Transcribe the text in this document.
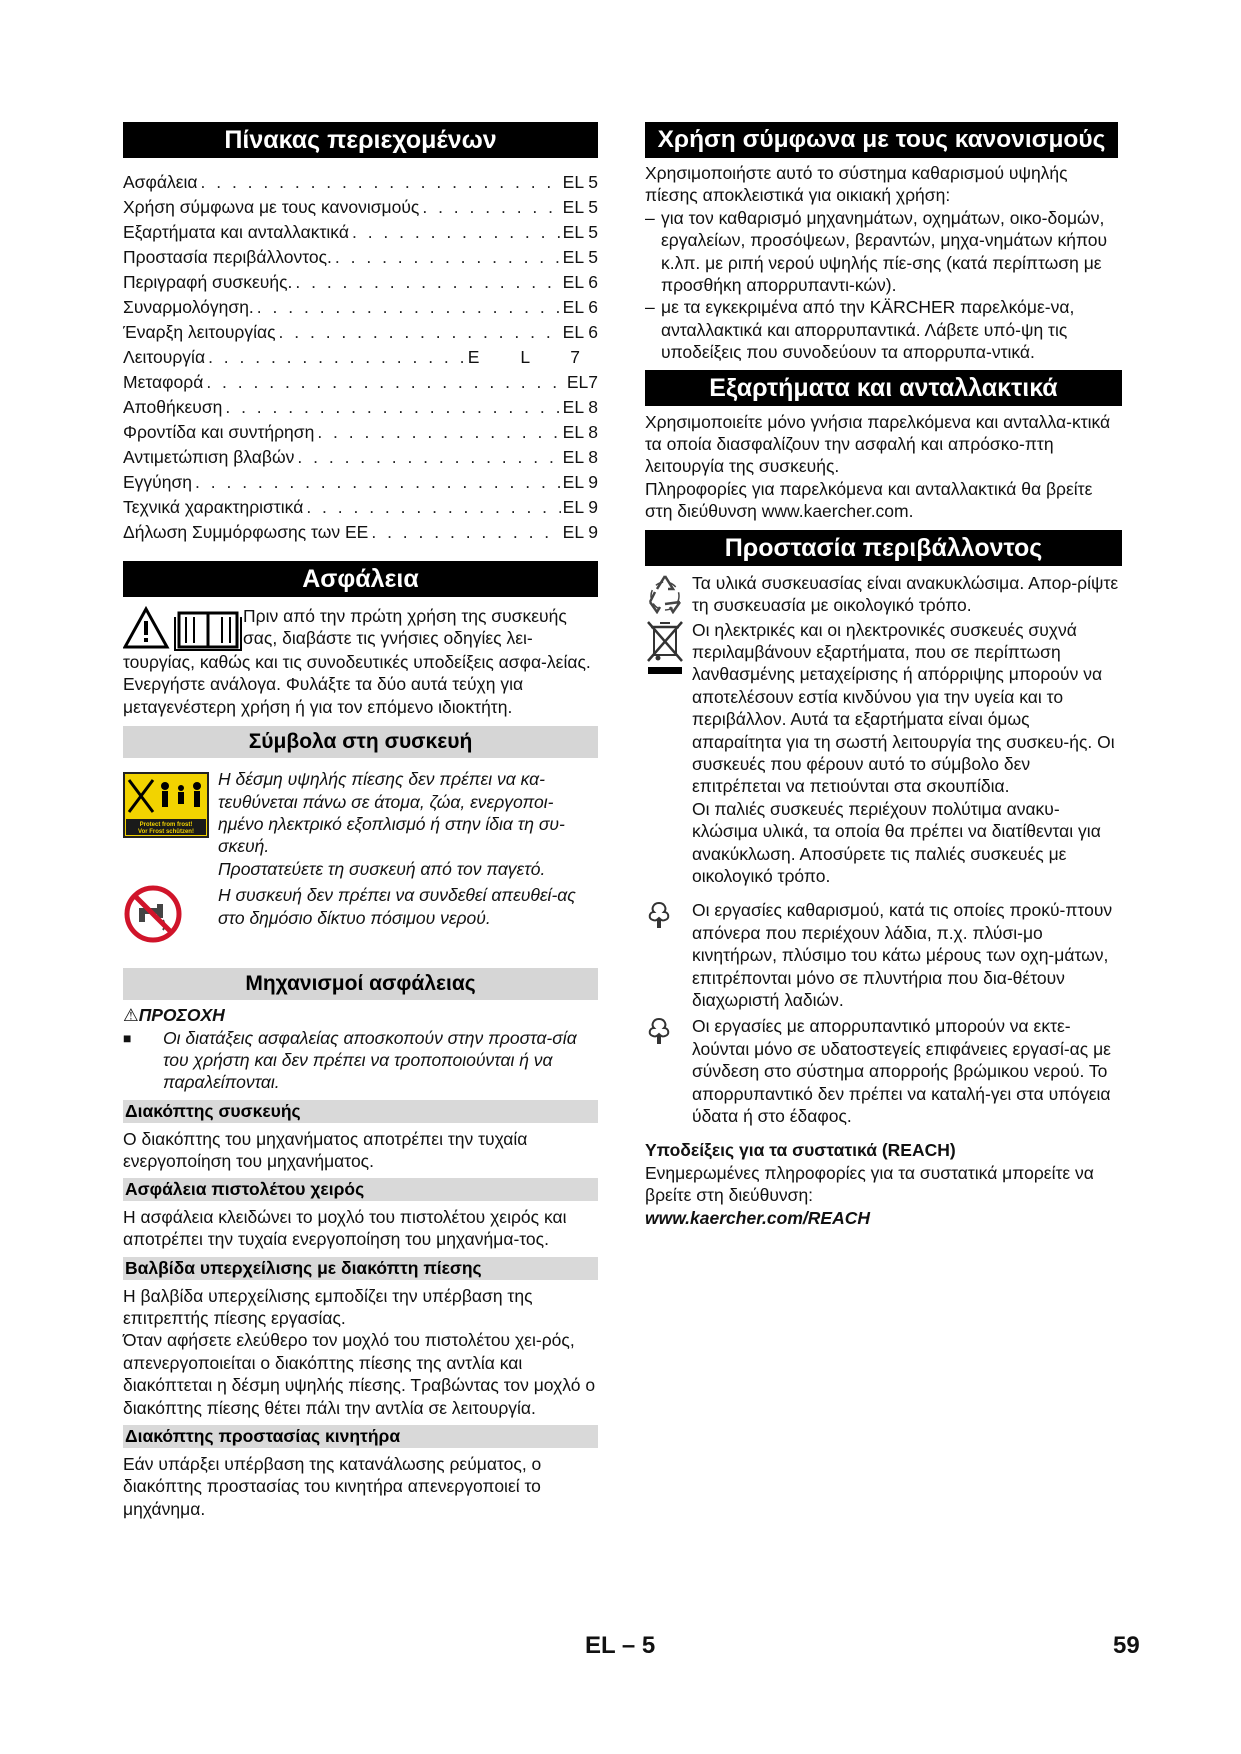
Πίνακας περιεχομένων
Ασφάλεια . . .	EL 5
Χρήση σύμφωνα με τους κανονισμούς . . .	EL 5
Εξαρτήματα και ανταλλακτικά . . .	EL 5
Προστασία περιβάλλοντος. . . .	EL 5
Περιγραφή συσκευής. . . .	EL 6
Συναρμολόγηση. . . .	EL 6
Έναρξη λειτουργίας . . .	EL 6
Λειτουργία . . .	E L 7
Μεταφορά . . .	EL7
Αποθήκευση . . .	EL 8
Φροντίδα και συντήρηση . . .	EL 8
Αντιμετώπιση βλαβών . . .	EL 8
Εγγύηση . . .	EL 9
Τεχνικά χαρακτηριστικά . . .	EL 9
Δήλωση Συμμόρφωσης των ΕΕ . . .	EL 9
Ασφάλεια

Πριν από την πρώτη χρήση της συσκευής

σας, διαβάστε τις γνήσιες οδηγίες λει-

τουργίας, καθώς και τις συνοδευτικές υποδείξεις ασφα-λείας. Ενεργήστε ανάλογα. Φυλάξτε τα δύο αυτά τεύχη για μεταγενέστερη χρήση ή για τον επόμενο ιδιοκτήτη.

Σύμβολα στη συσκευή
Protect from frost!
Vor Frost schützen!

Η δέσμη υψηλής πίεσης δεν πρέπει να κα-τευθύνεται πάνω σε άτομα, ζώα, ενεργοποι-ημένο ηλεκτρικό εξοπλισμό ή στην ίδια τη συ-σκευή.

Προστατεύετε τη συσκευή από τον παγετό.

Η συσκευή δεν πρέπει να συνδεθεί απευθεί-ας στο δημόσιο δίκτυο πόσιμου νερού.

Μηχανισμοί ασφάλειας

⚠ΠΡΟΣΟΧΗ

■	Οι διατάξεις ασφαλείας αποσκοπούν στην προστα-σία του χρήστη και δεν πρέπει να τροποποιούνται ή να παραλείπονται.

Διακόπτης συσκευής

Ο διακόπτης του μηχανήματος αποτρέπει την τυχαία ενεργοποίηση του μηχανήματος.

Ασφάλεια πιστολέτου χειρός

Η ασφάλεια κλειδώνει το μοχλό του πιστολέτου χειρός και αποτρέπει την τυχαία ενεργοποίηση του μηχανήμα-τος.

Βαλβίδα υπερχείλισης με διακόπτη πίεσης

Η βαλβίδα υπερχείλισης εμποδίζει την υπέρβαση της επιτρεπτής πίεσης εργασίας.

Όταν αφήσετε ελεύθερο τον μοχλό του πιστολέτου χει-ρός, απενεργοποιείται ο διακόπτης πίεσης της αντλία και διακόπτεται η δέσμη υψηλής πίεσης. Τραβώντας τον μοχλό ο διακόπτης πίεσης θέτει πάλι την αντλία σε λειτουργία.

Διακόπτης προστασίας κινητήρα

Εάν υπάρξει υπέρβαση της κατανάλωσης ρεύματος, ο διακόπτης προστασίας του κινητήρα απενεργοποιεί το μηχάνημα.

Χρήση σύμφωνα με τους κανονισμούς

Χρησιμοποιήστε αυτό το σύστημα καθαρισμού υψηλής πίεσης αποκλειστικά για οικιακή χρήση:

– για τον καθαρισμό μηχανημάτων, οχημάτων, οικο-δομών, εργαλείων, προσόψεων, βεραντών, μηχα-νημάτων κήπου κ.λπ. με ριπή νερού υψηλής πίε-σης (κατά περίπτωση με προσθήκη απορρυπαντι-κών).
– με τα εγκεκριμένα από την KÄRCHER παρελκόμε-να, ανταλλακτικά και απορρυπαντικά. Λάβετε υπό-ψη τις υποδείξεις που συνοδεύουν τα απορρυπα-ντικά.
Εξαρτήματα και ανταλλακτικά

Χρησιμοποιείτε μόνο γνήσια παρελκόμενα και ανταλλα-κτικά τα οποία διασφαλίζουν την ασφαλή και απρόσκο-πτη λειτουργία της συσκευής.

Πληροφορίες για παρελκόμενα και ανταλλακτικά θα βρείτε στη διεύθυνση www.kaercher.com.

Προστασία περιβάλλοντος

Τα υλικά συσκευασίας είναι ανακυκλώσιμα. Απορ-ρίψτε τη συσκευασία με οικολογικό τρόπο.

Οι ηλεκτρικές και οι ηλεκτρονικές συσκευές συχνά περιλαμβάνουν εξαρτήματα, που σε περίπτωση λανθασμένης μεταχείρισης ή απόρριψης μπορούν να αποτελέσουν εστία κινδύνου για την υγεία και το περιβάλλον. Αυτά τα εξαρτήματα είναι όμως απαραίτητα για τη σωστή λειτουργία της συσκευ-ής. Οι συσκευές που φέρουν αυτό το σύμβολο δεν επιτρέπεται να πετιούνται στα σκουπίδια.

Οι παλιές συσκευές περιέχουν πολύτιμα ανακυ-κλώσιμα υλικά, τα οποία θα πρέπει να διατίθενται για ανακύκλωση. Αποσύρετε τις παλιές συσκευές με οικολογικό τρόπο.

Οι εργασίες καθαρισμού, κατά τις οποίες προκύ-πτουν απόνερα που περιέχουν λάδια, π.χ. πλύσι-μο κινητήρων, πλύσιμο του κάτω μέρους των οχη-μάτων, επιτρέπονται μόνο σε πλυντήρια που δια-θέτουν διαχωριστή λαδιών.

Οι εργασίες με απορρυπαντικό μπορούν να εκτε-λούνται μόνο σε υδατοστεγείς επιφάνειες εργασί-ας με σύνδεση στο σύστημα απορροής βρώμικου νερού. Το απορρυπαντικό δεν πρέπει να καταλή-γει στα υπόγεια ύδατα ή στο έδαφος.

Υποδείξεις για τα συστατικά (REACH)

Ενημερωμένες πληροφορίες για τα συστατικά μπορείτε να βρείτε στη διεύθυνση:

www.kaercher.com/REACH

EL – 5	59
